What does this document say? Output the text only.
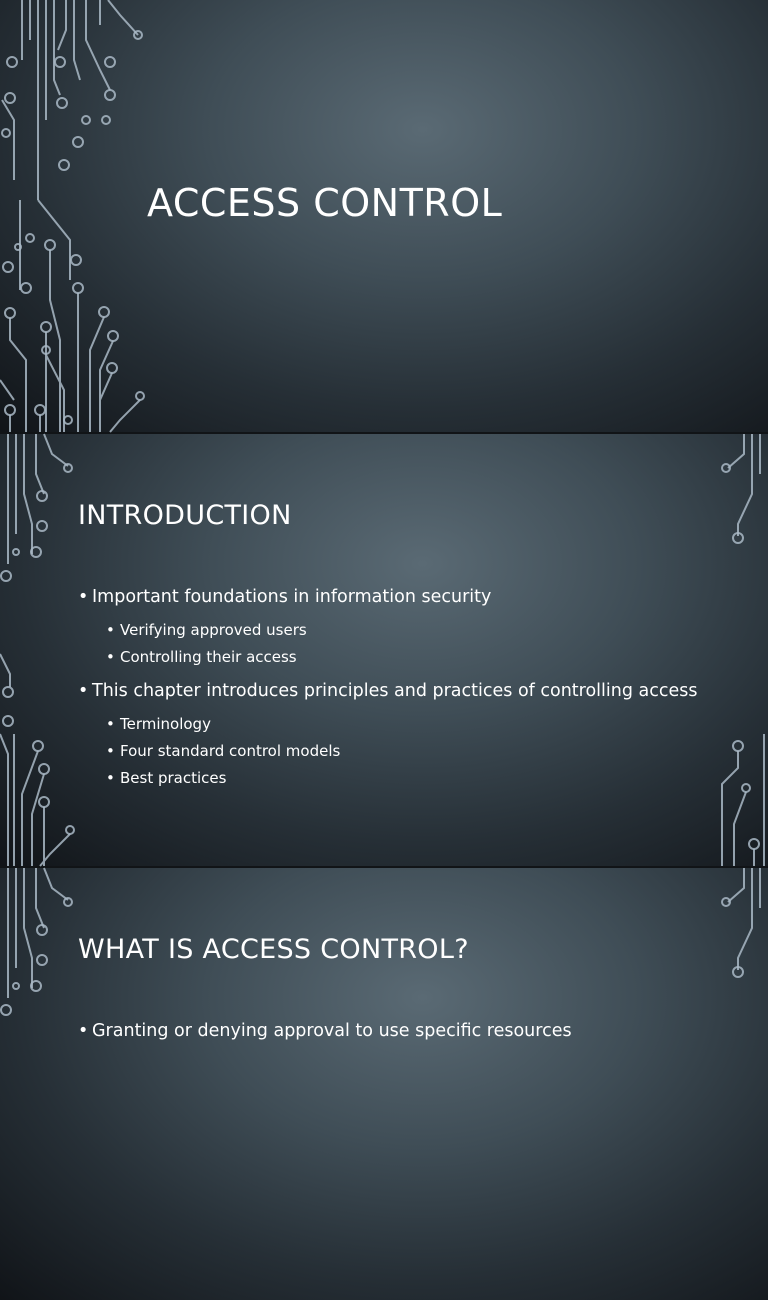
ACCESS CONTROL
INTRODUCTION
• Important foundations in information security
• Verifying approved users
• Controlling their access
• This chapter introduces principles and practices of controlling access
• Terminology
• Four standard control models
• Best practices
WHAT IS ACCESS CONTROL?
• Granting or denying approval to use specific resources
